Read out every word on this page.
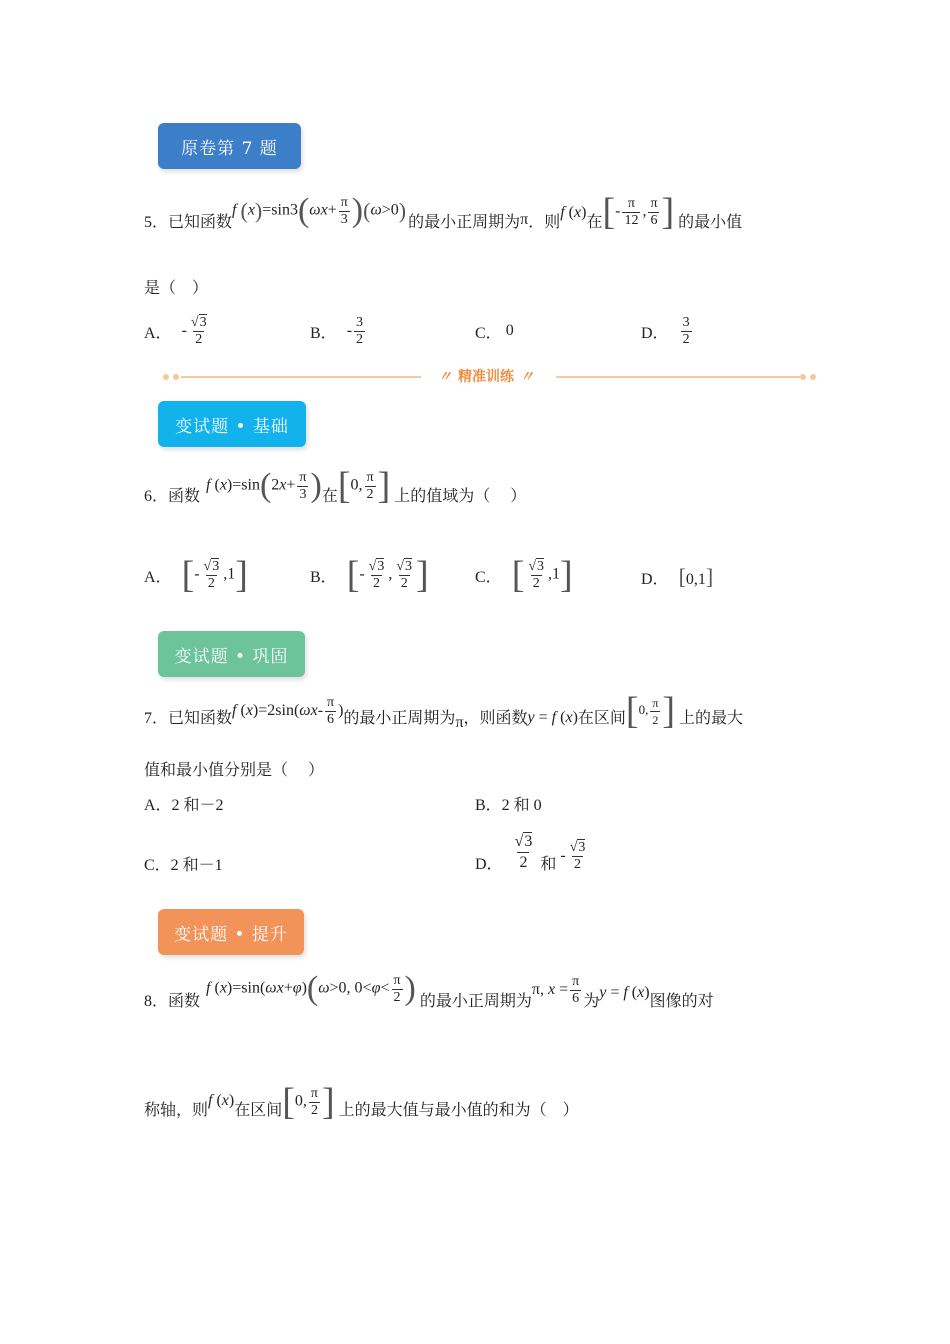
原卷第 7 题
5． 已知函数
f $(x)=\sin 3(\omega x+ \frac{\pi}{3} )(\omega>0)$ 的最小正周期为 π ．则
f (x)
在 [- $\frac{\pi}{12}$ , $\frac{\pi}{6}$ ] 的最小值
是（　）
A． - $\frac{√3}{2}$	B． - $\frac{3}{2}$	C． 0	D． $\frac{3}{2}$
〃 精准训练 〃
变试题 • 基础
6． 函数
f $(x)=\sin(2x+ \frac{\pi}{3}$ ) 在 [0, $\frac{\pi}{2}$ ] 上的值域为（　 ）
A． [- $\frac{√3}{2} ,1$]	B． [- $\frac{√3}{2}$ , $\frac{√3}{2}$ ]	C． [ $\frac{√3}{2} ,1$]	D． [0,1]
变试题 • 巩固
7． 已知函数 f $(x)=2\sin(\omega x- \frac{\pi}{6}$ ) 的最小正周期为 π ，则函数 y = f (x) 在区间 [0, $\frac{\pi}{2}$ ] 上的最大
值和最小值分别是（　 ）
A．2 和－2	B．2 和 0
C．2 和－1	D． $\frac{√3}{2}$ 和
- $\frac{√3}{2}$
变试题 • 提升
8． 函数
f (x)=sin(ωx+φ)(ω>0, $0<\varphi< \frac{\pi}{2}$ ) 的最小正周期为
π, $x = \frac{\pi}{6}$ 为 y = f (x) 图像的对
称轴，则
f (x)
在区间 [0, $\frac{\pi}{2}$ ] 上的最大值与最小值的和为（　）
